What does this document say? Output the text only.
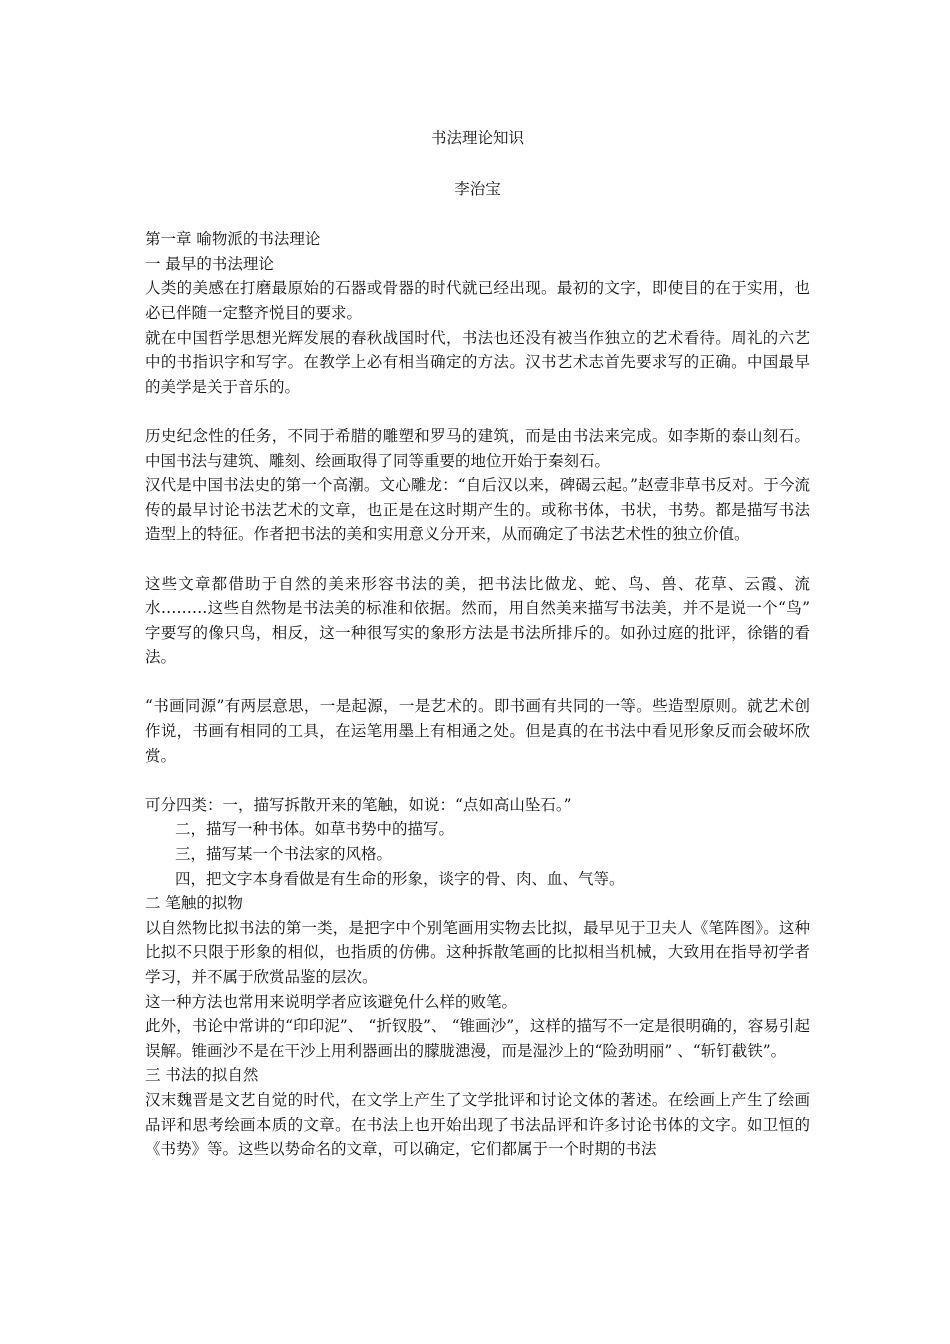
书法理论知识
李治宝

第一章 喻物派的书法理论

一 最早的书法理论

人类的美感在打磨最原始的石器或骨器的时代就已经出现。最初的文字，即使目的在于实用，也必已伴随一定整齐悦目的要求。

就在中国哲学思想光辉发展的春秋战国时代，书法也还没有被当作独立的艺术看待。周礼的六艺中的书指识字和写字。在教学上必有相当确定的方法。汉书艺术志首先要求写的正确。中国最早的美学是关于音乐的。

历史纪念性的任务，不同于希腊的雕塑和罗马的建筑，而是由书法来完成。如李斯的泰山刻石。中国书法与建筑、雕刻、绘画取得了同等重要的地位开始于秦刻石。

汉代是中国书法史的第一个高潮。文心雕龙：“自后汉以来，碑碣云起。”赵壹非草书反对。于今流传的最早讨论书法艺术的文章，也正是在这时期产生的。或称书体，书状，书势。都是描写书法造型上的特征。作者把书法的美和实用意义分开来，从而确定了书法艺术性的独立价值。

这些文章都借助于自然的美来形容书法的美，把书法比做龙、蛇、鸟、兽、花草、云霞、流水………这些自然物是书法美的标准和依据。然而，用自然美来描写书法美，并不是说一个“鸟” 字要写的像只鸟，相反，这一种很写实的象形方法是书法所排斥的。如孙过庭的批评，徐锴的看法。

“书画同源”有两层意思，一是起源，一是艺术的。即书画有共同的一等。些造型原则。就艺术创作说，书画有相同的工具，在运笔用墨上有相通之处。但是真的在书法中看见形象反而会破坏欣赏。

可分四类：一，描写拆散开来的笔触，如说：“点如高山坠石。”

二，描写一种书体。如草书势中的描写。

三，描写某一个书法家的风格。

四，把文字本身看做是有生命的形象，谈字的骨、肉、血、气等。

二 笔触的拟物

以自然物比拟书法的第一类，是把字中个别笔画用实物去比拟，最早见于卫夫人《笔阵图》。这种比拟不只限于形象的相似，也指质的仿佛。这种拆散笔画的比拟相当机械，大致用在指导初学者学习，并不属于欣赏品鉴的层次。

这一种方法也常用来说明学者应该避免什么样的败笔。

此外，书论中常讲的“印印泥”、 “折钗股”、 “锥画沙”，这样的描写不一定是很明确的，容易引起误解。锥画沙不是在干沙上用利器画出的朦胧漶漫，而是湿沙上的“险劲明丽” 、“斩钉截铁”。

三 书法的拟自然

汉末魏晋是文艺自觉的时代，在文学上产生了文学批评和讨论文体的著述。在绘画上产生了绘画品评和思考绘画本质的文章。在书法上也开始出现了书法品评和许多讨论书体的文字。如卫恒的《书势》等。这些以势命名的文章，可以确定，它们都属于一个时期的书法
